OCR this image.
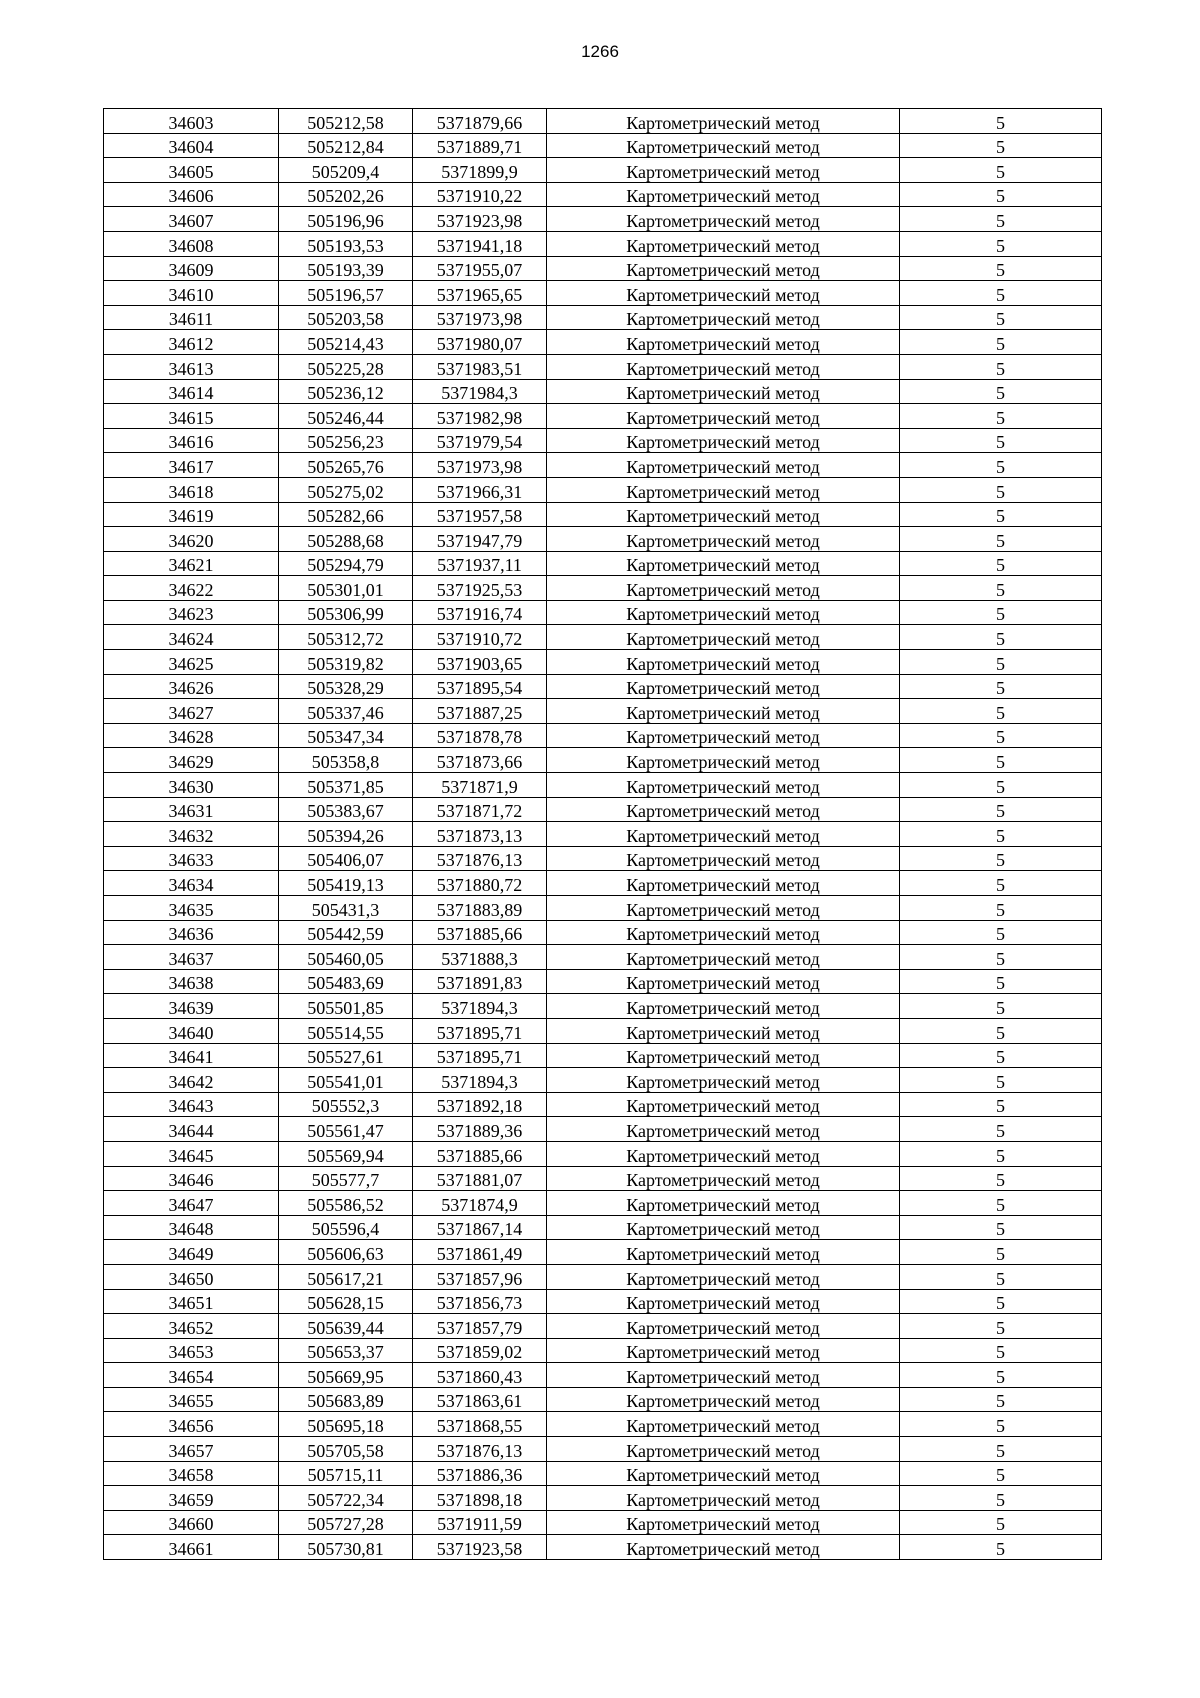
1266
34603	505212,58	5371879,66	Картометрический метод	5
34604	505212,84	5371889,71	Картометрический метод	5
34605	505209,4	5371899,9	Картометрический метод	5
34606	505202,26	5371910,22	Картометрический метод	5
34607	505196,96	5371923,98	Картометрический метод	5
34608	505193,53	5371941,18	Картометрический метод	5
34609	505193,39	5371955,07	Картометрический метод	5
34610	505196,57	5371965,65	Картометрический метод	5
34611	505203,58	5371973,98	Картометрический метод	5
34612	505214,43	5371980,07	Картометрический метод	5
34613	505225,28	5371983,51	Картометрический метод	5
34614	505236,12	5371984,3	Картометрический метод	5
34615	505246,44	5371982,98	Картометрический метод	5
34616	505256,23	5371979,54	Картометрический метод	5
34617	505265,76	5371973,98	Картометрический метод	5
34618	505275,02	5371966,31	Картометрический метод	5
34619	505282,66	5371957,58	Картометрический метод	5
34620	505288,68	5371947,79	Картометрический метод	5
34621	505294,79	5371937,11	Картометрический метод	5
34622	505301,01	5371925,53	Картометрический метод	5
34623	505306,99	5371916,74	Картометрический метод	5
34624	505312,72	5371910,72	Картометрический метод	5
34625	505319,82	5371903,65	Картометрический метод	5
34626	505328,29	5371895,54	Картометрический метод	5
34627	505337,46	5371887,25	Картометрический метод	5
34628	505347,34	5371878,78	Картометрический метод	5
34629	505358,8	5371873,66	Картометрический метод	5
34630	505371,85	5371871,9	Картометрический метод	5
34631	505383,67	5371871,72	Картометрический метод	5
34632	505394,26	5371873,13	Картометрический метод	5
34633	505406,07	5371876,13	Картометрический метод	5
34634	505419,13	5371880,72	Картометрический метод	5
34635	505431,3	5371883,89	Картометрический метод	5
34636	505442,59	5371885,66	Картометрический метод	5
34637	505460,05	5371888,3	Картометрический метод	5
34638	505483,69	5371891,83	Картометрический метод	5
34639	505501,85	5371894,3	Картометрический метод	5
34640	505514,55	5371895,71	Картометрический метод	5
34641	505527,61	5371895,71	Картометрический метод	5
34642	505541,01	5371894,3	Картометрический метод	5
34643	505552,3	5371892,18	Картометрический метод	5
34644	505561,47	5371889,36	Картометрический метод	5
34645	505569,94	5371885,66	Картометрический метод	5
34646	505577,7	5371881,07	Картометрический метод	5
34647	505586,52	5371874,9	Картометрический метод	5
34648	505596,4	5371867,14	Картометрический метод	5
34649	505606,63	5371861,49	Картометрический метод	5
34650	505617,21	5371857,96	Картометрический метод	5
34651	505628,15	5371856,73	Картометрический метод	5
34652	505639,44	5371857,79	Картометрический метод	5
34653	505653,37	5371859,02	Картометрический метод	5
34654	505669,95	5371860,43	Картометрический метод	5
34655	505683,89	5371863,61	Картометрический метод	5
34656	505695,18	5371868,55	Картометрический метод	5
34657	505705,58	5371876,13	Картометрический метод	5
34658	505715,11	5371886,36	Картометрический метод	5
34659	505722,34	5371898,18	Картометрический метод	5
34660	505727,28	5371911,59	Картометрический метод	5
34661	505730,81	5371923,58	Картометрический метод	5
